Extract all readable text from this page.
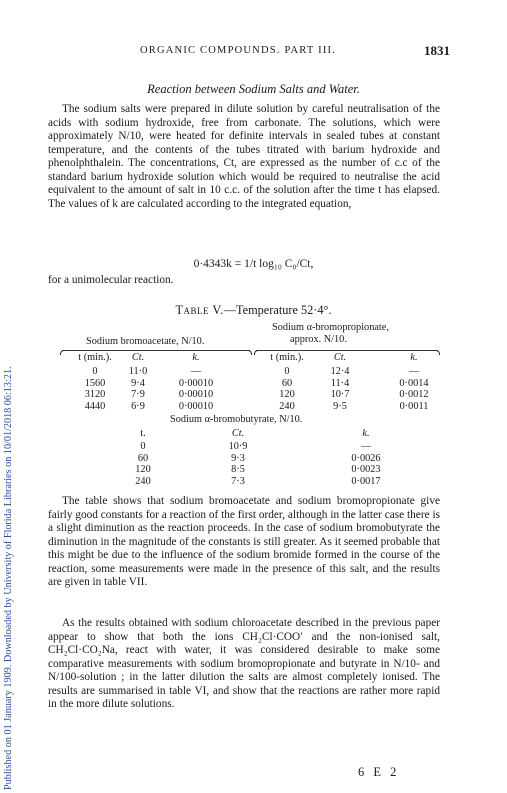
Published on 01 January 1909. Downloaded by University of Florida Libraries on 10/01/2018 06:13:21.
ORGANIC COMPOUNDS. PART III.	1831
Reaction between Sodium Salts and Water.

The sodium salts were prepared in dilute solution by careful neutralisation of the acids with sodium hydroxide, free from carbonate. The solutions, which were approximately N/10, were heated for definite intervals in sealed tubes at constant temperature, and the contents of the tubes titrated with barium hydroxide and phenolphthalein. The concentrations, Ct, are expressed as the number of c.c of the standard barium hydroxide solution which would be required to neutralise the acid equivalent to the amount of salt in 10 c.c. of the solution after the time t has elapsed. The values of k are calculated according to the integrated equation,

0·4343k = 1/t log₁₀ C₀/Ct,
for a unimolecular reaction.
Table V.—Temperature 52·4°.
Sodium bromoacetate, N/10.
Sodium α-bromopropionate,
approx. N/10.
Sodium α-bromobutyrate, N/10.
t (min.).	Ct.	k.
0	11·0	—
1560	9·4	0·00010
3120	7·9	0·00010
4440	6·9	0·00010
t (min.).	Ct.	k.
0	12·4	—
60	11·4	0·0014
120	10·7	0·0012
240	9·5	0·0011
t.	Ct.	k.
0	10·9	—
60	9·3	0·0026
120	8·5	0·0023
240	7·3	0·0017

The table shows that sodium bromoacetate and sodium bromopropionate give fairly good constants for a reaction of the first order, although in the latter case there is a slight diminution as the reaction proceeds. In the case of sodium bromobutyrate the diminution in the magnitude of the constants is still greater. As it seemed probable that this might be due to the influence of the sodium bromide formed in the course of the reaction, some measurements were made in the presence of this salt, and the results are given in table VII.

As the results obtained with sodium chloroacetate described in the previous paper appear to show that both the ions CH₂Cl·COO′ and the non-ionised salt, CH₂Cl·CO₂Na, react with water, it was considered desirable to make some comparative measurements with sodium bromopropionate and butyrate in N/10- and N/100-solution ; in the latter dilution the salts are almost completely ionised. The results are summarised in table VI, and show that the reactions are rather more rapid in the more dilute solutions.

6 E 2
